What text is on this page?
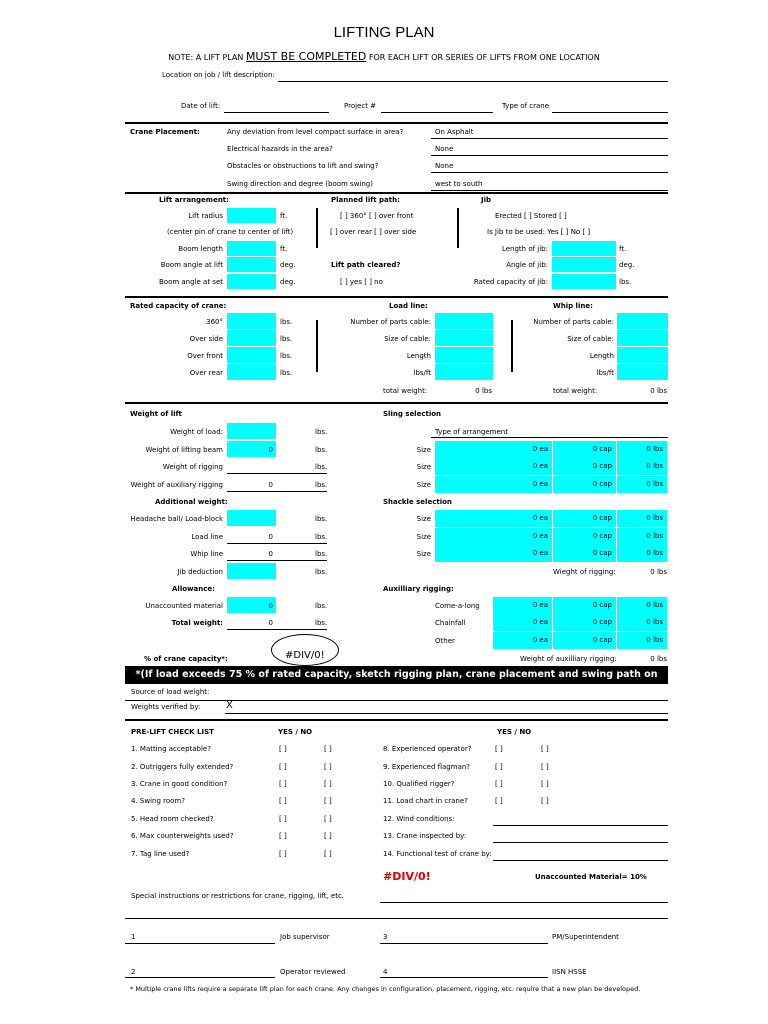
LIFTING PLAN
NOTE: A LIFT PLAN MUST BE COMPLETED FOR EACH LIFT OR SERIES OF LIFTS FROM ONE LOCATION
Location on job / lift description:
Date of lift:	Project #	Type of crane
Crane Placement:	Any deviation from level compact surface in area?	On Asphalt
Electrical hazards in the area?	None
Obstacles or obstructions to lift and swing?	None
Swing direction and degree (boom swing)	west to south
Lift arrangement:	Planned lift path:	Jib
Lift radius	ft.
(center pin of crane to center of lift)
Boom length	ft.
Boom angle at lift	deg.
Boom angle at set	deg.
[ ] 360° [ ] over front
[ ] over rear [ ] over side
Lift path cleared?
[ ] yes [ ] no
Erected [ ] Stored [ ]
Is Jib to be used: Yes [ ] No [ ]
Length of jib:	ft.
Angle of jib:	deg.
Rated capacity of jib:	lbs.
Rated capacity of crane:	Load line:	Whip line:
360°	lbs.
Over side	lbs.
Over front	lbs.
Over rear	lbs.
Number of parts cable:
Size of cable:
Length
lbs/ft
total weight:	0 lbs
Number of parts cable:
Size of cable:
Length
lbs/ft
total weight:	0 lbs
Weight of lift
Weight of load:	lbs.
Weight of lifting beam	0	lbs.
Weight of rigging	lbs.
Weight of auxiliary rigging	0	lbs.
Additional weight:
Headache ball/ Load-block	lbs.
Load line	0	lbs.
Whip line	0	lbs.
Jib deduction	lbs.
Allowance:
Unaccounted material	0	lbs.
Total weight:	0	lbs.
% of crane capacity*:	#DIV/0!
Sling selection
Type of arrangement
Size	0 ea	0 cap	0 lbs
Size	0 ea	0 cap	0 lbs
Size	0 ea	0 cap	0 lbs
Shackle selection
Size	0 ea	0 cap	0 lbs
Size	0 ea	0 cap	0 lbs
Size	0 ea	0 cap	0 lbs
Wieght of rigging:	0 lbs
Auxilliary rigging:
Come-a-long	0 ea	0 cap	0 lbs
Chainfall	0 ea	0 cap	0 lbs
Other	0 ea	0 cap	0 lbs
Weight of auxilliary rigging:	0 lbs
*(If load exceeds 75 % of rated capacity, sketch rigging plan, crane placement and swing path on reverse.)
Source of load weight:
Weights verified by:	X
PRE-LIFT CHECK LIST	YES / NO	YES / NO
1. Matting acceptable?	[ ]	[ ]
2. Outriggers fully extended?	[ ]	[ ]
3. Crane in good condition?	[ ]	[ ]
4. Swing room?	[ ]	[ ]
5. Head room checked?	[ ]	[ ]
6. Max counterweights used?	[ ]	[ ]
7. Tag line used?	[ ]	[ ]
8. Experienced operator?	[ ]	[ ]
9. Experienced flagman?	[ ]	[ ]
10. Qualified rigger?	[ ]	[ ]
11. Load chart in crane?	[ ]	[ ]
12. Wind conditions:
13. Crane inspected by:
14. Functional test of crane by:
#DIV/0!	Unaccounted Material= 10%
Special instructions or restrictions for crane, rigging, lift, etc.
1	Job supervisor	3	PM/Superintendent
2	Operator reviewed	4	IISN HSSE
* Multiple crane lifts require a separate lift plan for each crane. Any changes in configuration, placement, rigging, etc. require that a new plan be developed.
